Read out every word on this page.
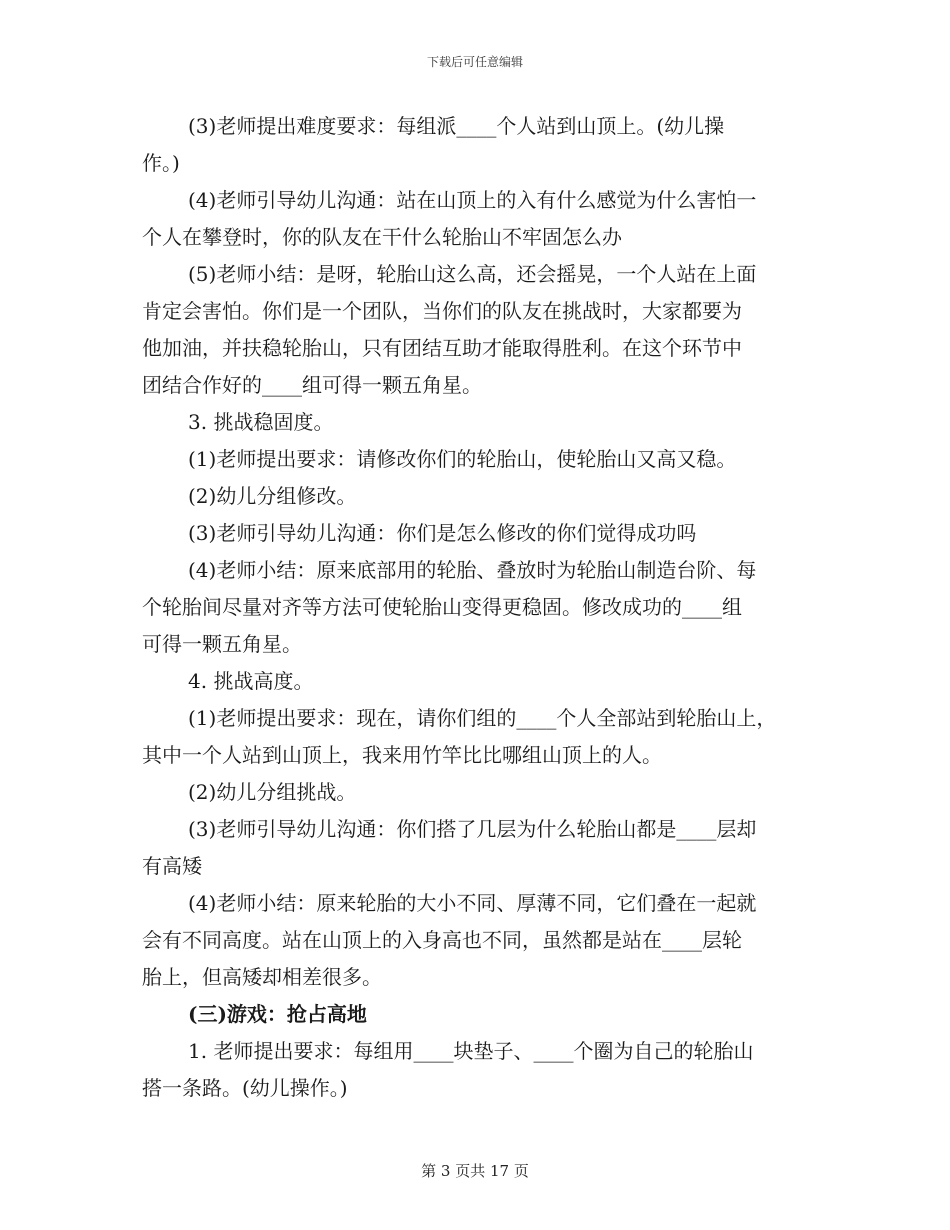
下载后可任意编辑

(3)老师提出难度要求：每组派____个人站到山顶上。(幼儿操

作。)

(4)老师引导幼儿沟通：站在山顶上的入有什么感觉为什么害怕一

个人在攀登时，你的队友在干什么轮胎山不牢固怎么办

(5)老师小结：是呀，轮胎山这么高，还会摇晃，一个人站在上面

肯定会害怕。你们是一个团队，当你们的队友在挑战时，大家都要为

他加油，并扶稳轮胎山，只有团结互助才能取得胜利。在这个环节中

团结合作好的____组可得一颗五角星。

3. 挑战稳固度。

(1)老师提出要求：请修改你们的轮胎山，使轮胎山又高又稳。

(2)幼儿分组修改。

(3)老师引导幼儿沟通：你们是怎么修改的你们觉得成功吗

(4)老师小结：原来底部用的轮胎、叠放时为轮胎山制造台阶、每

个轮胎间尽量对齐等方法可使轮胎山变得更稳固。修改成功的____组

可得一颗五角星。

4. 挑战高度。

(1)老师提出要求：现在，请你们组的____个人全部站到轮胎山上，

其中一个人站到山顶上，我来用竹竿比比哪组山顶上的人。

(2)幼儿分组挑战。

(3)老师引导幼儿沟通：你们搭了几层为什么轮胎山都是____层却

有高矮

(4)老师小结：原来轮胎的大小不同、厚薄不同，它们叠在一起就

会有不同高度。站在山顶上的入身高也不同，虽然都是站在____层轮

胎上，但高矮却相差很多。

(三)游戏：抢占高地

1. 老师提出要求：每组用____块垫子、____个圈为自己的轮胎山

搭一条路。(幼儿操作。)

第 3 页共 17 页
